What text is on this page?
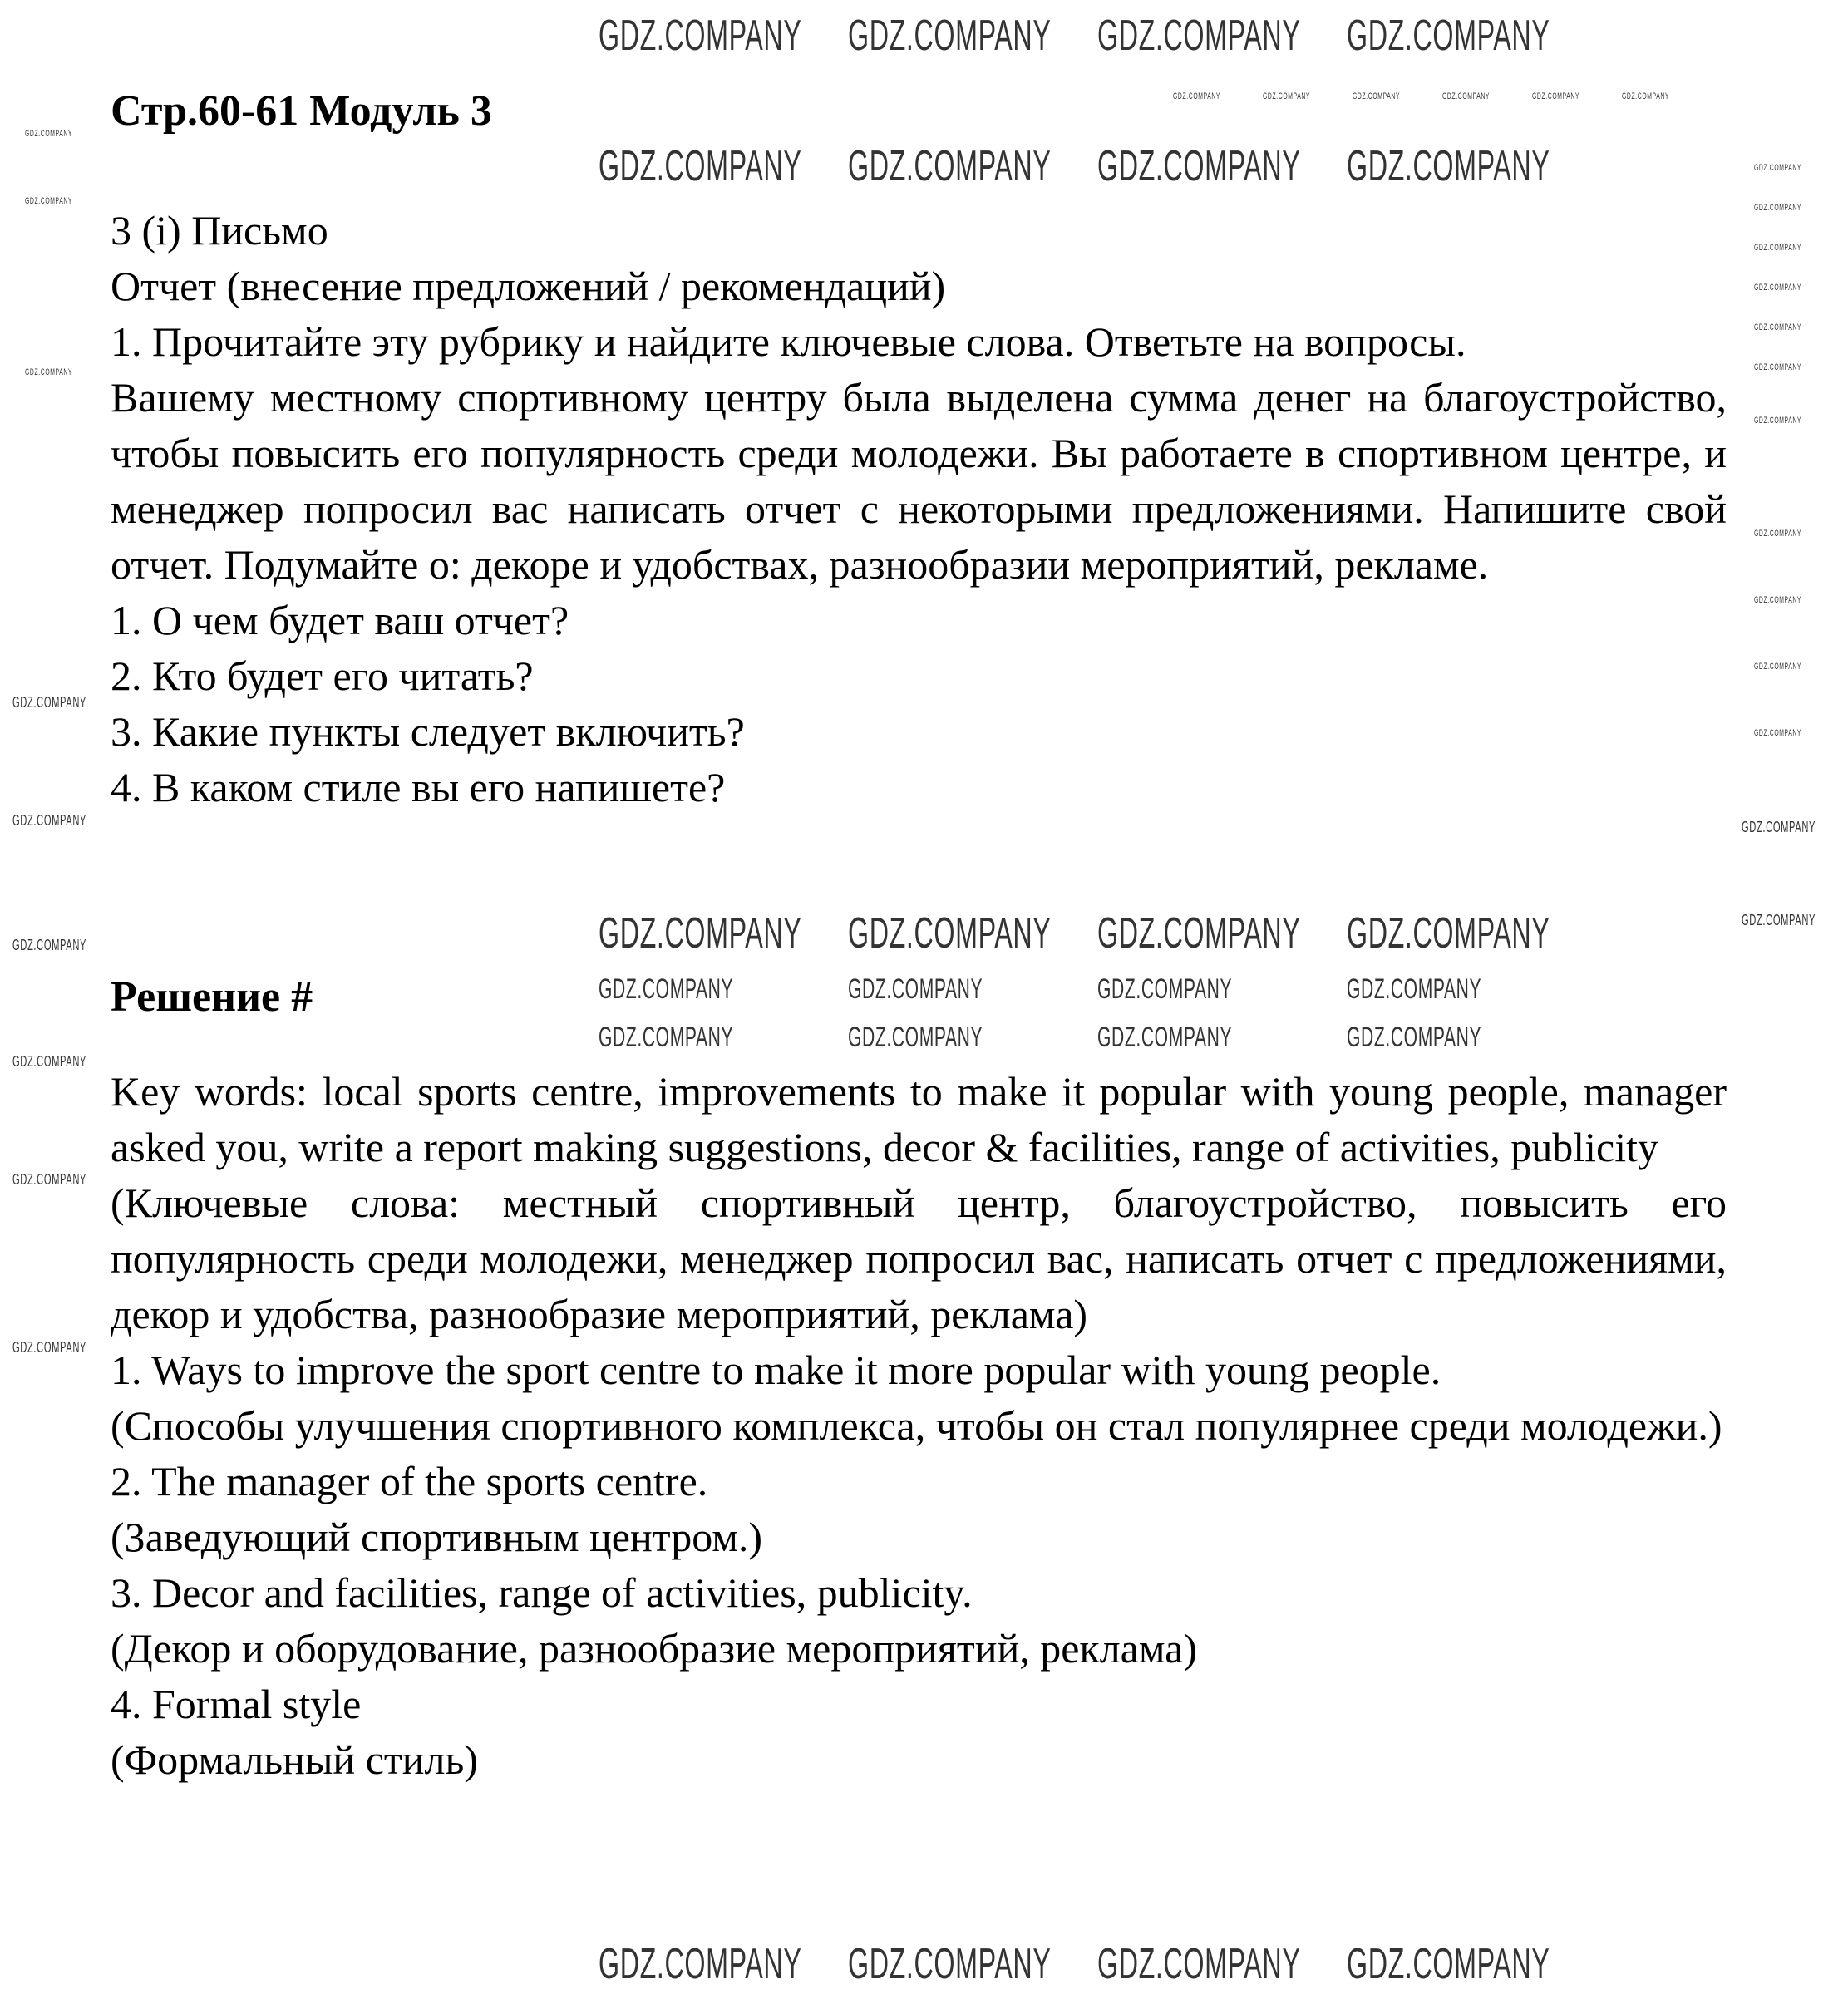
Стр.60-61 Модуль 3

3 (i) Письмо

Отчет (внесение предложений / рекомендаций)

1. Прочитайте эту рубрику и найдите ключевые слова. Ответьте на вопросы.

Вашему местному спортивному центру была выделена сумма денег на благоустройство, чтобы повысить его популярность среди молодежи. Вы работаете в спортивном центре, и менеджер попросил вас написать отчет с некоторыми предложениями. Напишите свой отчет. Подумайте о: декоре и удобствах, разнообразии мероприятий, рекламе.

1. О чем будет ваш отчет?

2. Кто будет его читать?

3. Какие пункты следует включить?

4. В каком стиле вы его напишете?

Решение #

Key words: local sports centre, improvements to make it popular with young people, manager asked you, write a report making suggestions, decor & facilities, range of activities, publicity

(Ключевые слова: местный спортивный центр, благоустройство, повысить его популярность среди молодежи, менеджер попросил вас, написать отчет с предложениями, декор и удобства, разнообразие мероприятий, реклама)

1. Ways to improve the sport centre to make it more popular with young people.

(Способы улучшения спортивного комплекса, чтобы он стал популярнее среди молодежи.)

2. The manager of the sports centre.

(Заведующий спортивным центром.)

3. Decor and facilities, range of activities, publicity.

(Декор и оборудование, разнообразие мероприятий, реклама)

4. Formal style

(Формальный стиль)

GDZ.COMPANY GDZ.COMPANY GDZ.COMPANY GDZ.COMPANY
GDZ.COMPANY GDZ.COMPANY GDZ.COMPANY GDZ.COMPANY
GDZ.COMPANY GDZ.COMPANY GDZ.COMPANY GDZ.COMPANY
GDZ.COMPANY GDZ.COMPANY GDZ.COMPANY GDZ.COMPANY
GDZ.COMPANY	GDZ.COMPANY	GDZ.COMPANY	GDZ.COMPANY
GDZ.COMPANY	GDZ.COMPANY	GDZ.COMPANY	GDZ.COMPANY
GDZ.COMPANY
GDZ.COMPANY
GDZ.COMPANY
GDZ.COMPANY
GDZ.COMPANY
GDZ.COMPANY
GDZ.COMPANY
GDZ.COMPANY
GDZ.COMPANY
GDZ.COMPANY
GDZ.COMPANY
GDZ.COMPANY	GDZ.COMPANY	GDZ.COMPANY	GDZ.COMPANY	GDZ.COMPANY	GDZ.COMPANY
GDZ.COMPANY
GDZ.COMPANY
GDZ.COMPANY
GDZ.COMPANY
GDZ.COMPANY
GDZ.COMPANY
GDZ.COMPANY
GDZ.COMPANY
GDZ.COMPANY
GDZ.COMPANY
GDZ.COMPANY
